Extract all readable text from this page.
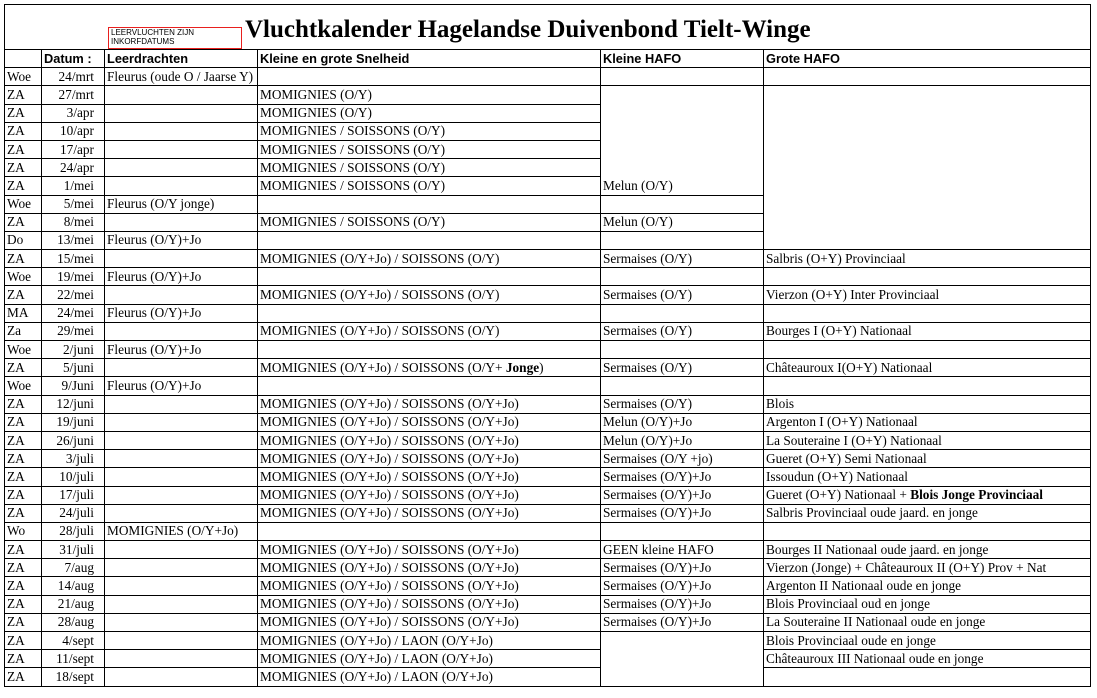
LEERVLUCHTEN ZIJN
INKORFDATUMS Vluchtkalender Hagelandse Duivenbond Tielt-Winge					

	Datum :	Leerdrachten	Kleine en grote Snelheid	Kleine HAFO	Grote HAFO
Woe	24/mrt	Fleurus (oude O / Jaarse Y)			
ZA	27/mrt		MOMIGNIES (O/Y)		
ZA	3/apr		MOMIGNIES (O/Y)		
ZA	10/apr		MOMIGNIES / SOISSONS (O/Y)		
ZA	17/apr		MOMIGNIES / SOISSONS (O/Y)		
ZA	24/apr		MOMIGNIES / SOISSONS (O/Y)		
ZA	1/mei		MOMIGNIES / SOISSONS (O/Y)	Melun (O/Y)	
Woe	5/mei	Fleurus (O/Y jonge)			
ZA	8/mei		MOMIGNIES / SOISSONS (O/Y)	Melun (O/Y)	
Do	13/mei	Fleurus (O/Y)+Jo			
ZA	15/mei		MOMIGNIES (O/Y+Jo) / SOISSONS (O/Y)	Sermaises (O/Y)	Salbris (O+Y) Provinciaal
Woe	19/mei	Fleurus (O/Y)+Jo			
ZA	22/mei		MOMIGNIES (O/Y+Jo) / SOISSONS (O/Y)	Sermaises (O/Y)	Vierzon (O+Y) Inter Provinciaal
MA	24/mei	Fleurus (O/Y)+Jo			
Za	29/mei		MOMIGNIES (O/Y+Jo) / SOISSONS (O/Y)	Sermaises (O/Y)	Bourges I (O+Y) Nationaal
Woe	2/juni	Fleurus (O/Y)+Jo			
ZA	5/juni		MOMIGNIES (O/Y+Jo) / SOISSONS (O/Y+ Jonge)	Sermaises (O/Y)	Châteauroux I(O+Y) Nationaal
Woe	9/Juni	Fleurus (O/Y)+Jo			
ZA	12/juni		MOMIGNIES (O/Y+Jo) / SOISSONS (O/Y+Jo)	Sermaises (O/Y)	Blois
ZA	19/juni		MOMIGNIES (O/Y+Jo) / SOISSONS (O/Y+Jo)	Melun (O/Y)+Jo	Argenton I (O+Y) Nationaal
ZA	26/juni		MOMIGNIES (O/Y+Jo) / SOISSONS (O/Y+Jo)	Melun (O/Y)+Jo	La Souteraine I (O+Y) Nationaal
ZA	3/juli		MOMIGNIES (O/Y+Jo) / SOISSONS (O/Y+Jo)	Sermaises (O/Y +jo)	Gueret (O+Y) Semi Nationaal
ZA	10/juli		MOMIGNIES (O/Y+Jo) / SOISSONS (O/Y+Jo)	Sermaises (O/Y)+Jo	Issoudun (O+Y) Nationaal
ZA	17/juli		MOMIGNIES (O/Y+Jo) / SOISSONS (O/Y+Jo)	Sermaises (O/Y)+Jo	Gueret (O+Y) Nationaal + Blois Jonge Provinciaal
ZA	24/juli		MOMIGNIES (O/Y+Jo) / SOISSONS (O/Y+Jo)	Sermaises (O/Y)+Jo	Salbris Provinciaal oude jaard. en jonge
Wo	28/juli	MOMIGNIES (O/Y+Jo)			
ZA	31/juli		MOMIGNIES (O/Y+Jo) / SOISSONS (O/Y+Jo)	GEEN kleine HAFO	Bourges II Nationaal oude jaard. en jonge
ZA	7/aug		MOMIGNIES (O/Y+Jo) / SOISSONS (O/Y+Jo)	Sermaises (O/Y)+Jo	Vierzon (Jonge) + Châteauroux II (O+Y) Prov + Nat
ZA	14/aug		MOMIGNIES (O/Y+Jo) / SOISSONS (O/Y+Jo)	Sermaises (O/Y)+Jo	Argenton II Nationaal oude en jonge
ZA	21/aug		MOMIGNIES (O/Y+Jo) / SOISSONS (O/Y+Jo)	Sermaises (O/Y)+Jo	Blois Provinciaal oud en jonge
ZA	28/aug		MOMIGNIES (O/Y+Jo) / SOISSONS (O/Y+Jo)	Sermaises (O/Y)+Jo	La Souteraine II Nationaal oude en jonge
ZA	4/sept		MOMIGNIES (O/Y+Jo) / LAON (O/Y+Jo)		Blois Provinciaal oude en jonge
ZA	11/sept		MOMIGNIES (O/Y+Jo) / LAON (O/Y+Jo)		Châteauroux III Nationaal oude en jonge
ZA	18/sept		MOMIGNIES (O/Y+Jo) / LAON (O/Y+Jo)		
